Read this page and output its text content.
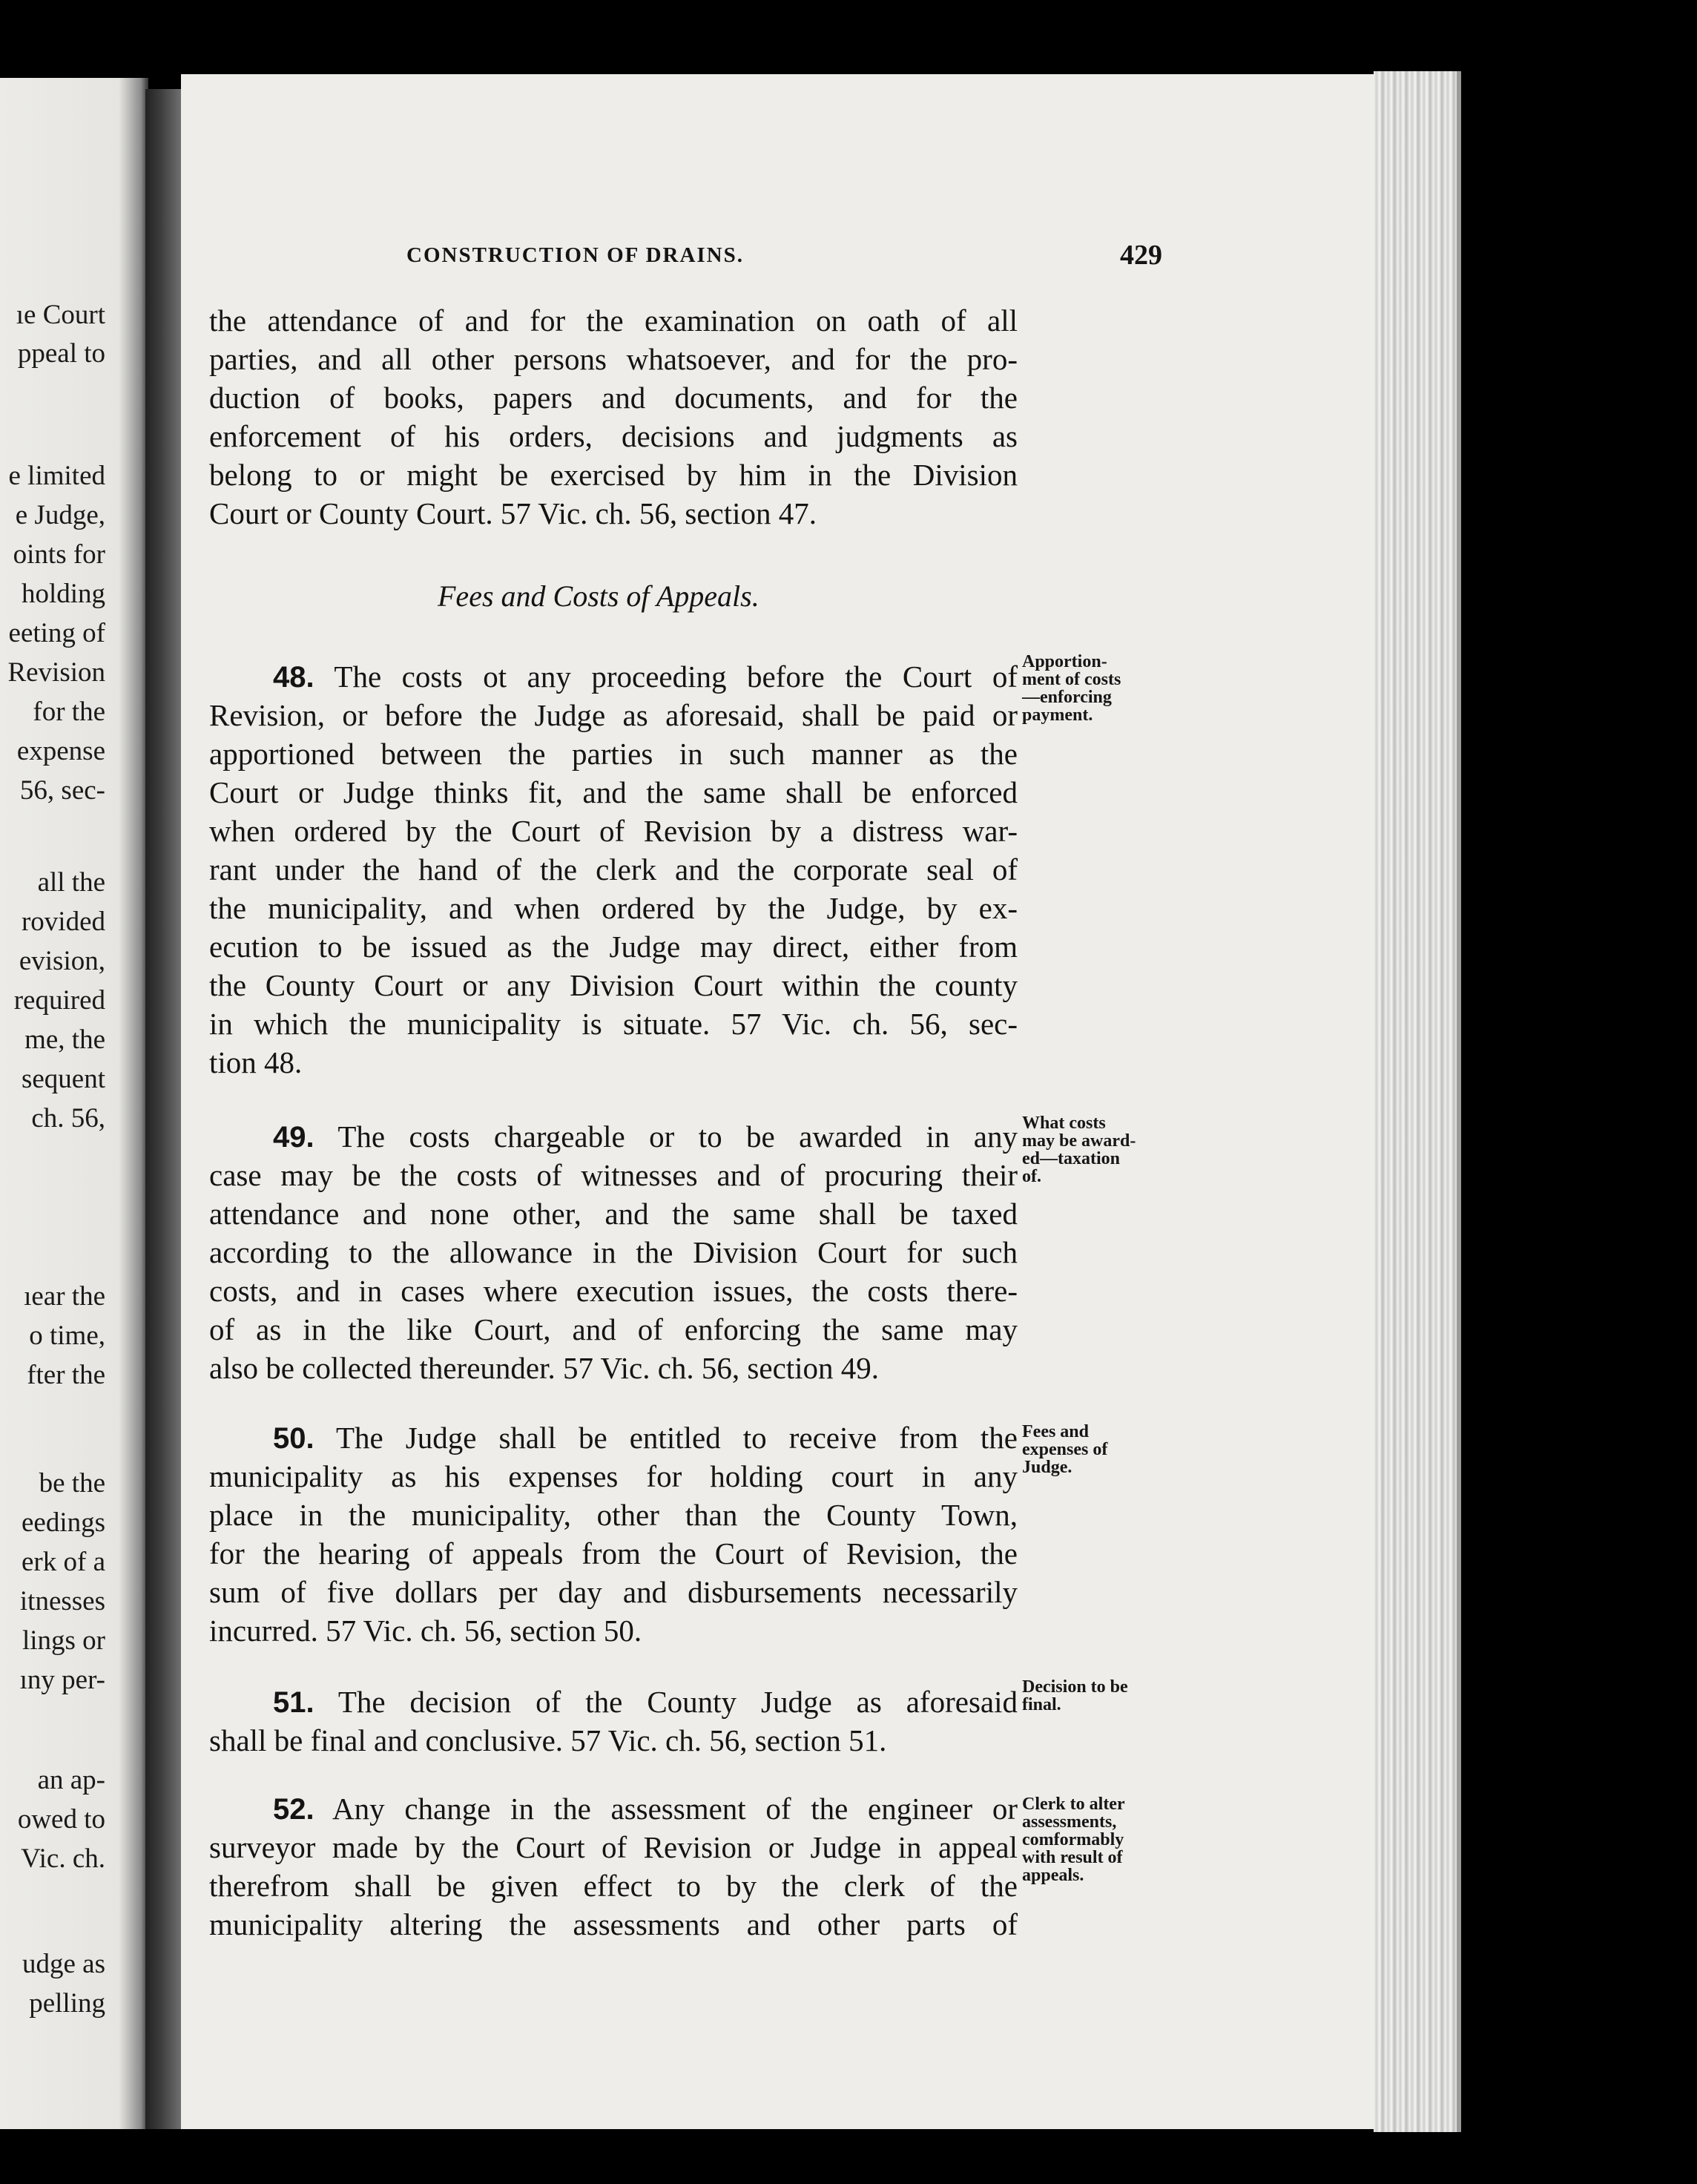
ıe Court
ppeal to
e limited
e Judge,
oints for
holding
eeting of
Revision
for the
expense
56, sec-
all the
rovided
evision,
required
me, the
sequent
ch. 56,
ıear the
o time,
fter the
be the
eedings
erk of a
itnesses
lings or
ıny per-
an ap-
owed to
Vic. ch.
udge as
pelling
CONSTRUCTION OF DRAINS.	429
the attendance of and for the examination on oath of all
parties, and all other persons whatsoever, and for the pro-
duction of books, papers and documents, and for the
enforcement of his orders, decisions and judgments as
belong to or might be exercised by him in the Division
Court or County Court. 57 Vic. ch. 56, section 47.
Fees and Costs of Appeals.
48. The costs ot any proceeding before the Court of
Revision, or before the Judge as aforesaid, shall be paid or
apportioned between the parties in such manner as the
Court or Judge thinks fit, and the same shall be enforced
when ordered by the Court of Revision by a distress war-
rant under the hand of the clerk and the corporate seal of
the municipality, and when ordered by the Judge, by ex-
ecution to be issued as the Judge may direct, either from
the County Court or any Division Court within the county
in which the municipality is situate. 57 Vic. ch. 56, sec-
tion 48.
Apportion-
ment of costs
—enforcing
payment.
49. The costs chargeable or to be awarded in any
case may be the costs of witnesses and of procuring their
attendance and none other, and the same shall be taxed
according to the allowance in the Division Court for such
costs, and in cases where execution issues, the costs there-
of as in the like Court, and of enforcing the same may
also be collected thereunder. 57 Vic. ch. 56, section 49.
What costs
may be award-
ed—taxation
of.
50. The Judge shall be entitled to receive from the
municipality as his expenses for holding court in any
place in the municipality, other than the County Town,
for the hearing of appeals from the Court of Revision, the
sum of five dollars per day and disbursements necessarily
incurred. 57 Vic. ch. 56, section 50.
Fees and
expenses of
Judge.
51. The decision of the County Judge as aforesaid
shall be final and conclusive. 57 Vic. ch. 56, section 51.
Decision to be
final.
52. Any change in the assessment of the engineer or
surveyor made by the Court of Revision or Judge in appeal
therefrom shall be given effect to by the clerk of the
municipality altering the assessments and other parts of
Clerk to alter
assessments,
comformably
with result of
appeals.
